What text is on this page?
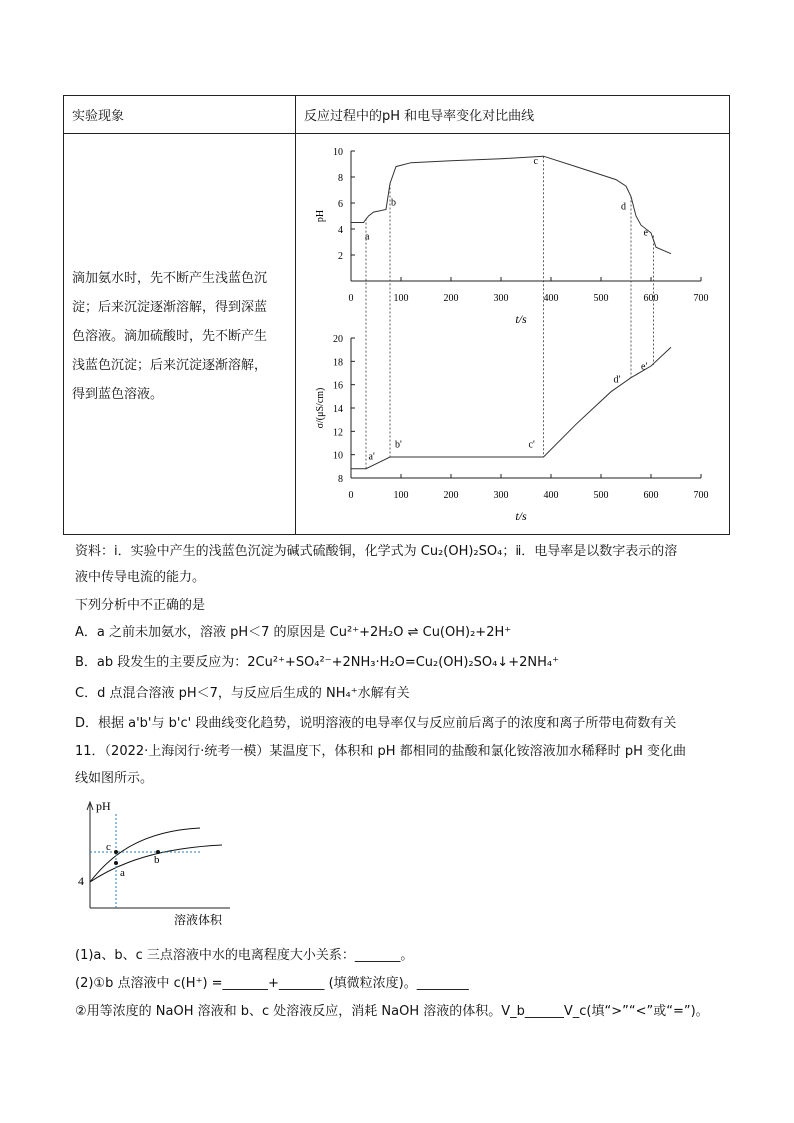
实验现象	反应过程中的pH 和电导率变化对比曲线
滴加氨水时，先不断产生浅蓝色沉
淀；后来沉淀逐渐溶解，得到深蓝
色溶液。滴加硫酸时，先不断产生
浅蓝色沉淀；后来沉淀逐渐溶解，
得到蓝色溶液。
0	100	200	300	400	500	600	700
2
4
6
8
10
t/s
pH
a
b
c
d
e
0	100	200	300	400	500	600	700
8
10
12
14
16
18
20
t/s
σ/(μS/cm)
a'
b'	c'
d'
e'
资料：ⅰ．实验中产生的浅蓝色沉淀为碱式硫酸铜，化学式为 Cu₂(OH)₂SO₄；ⅱ．电导率是以数字表示的溶
液中传导电流的能力。
下列分析中不正确的是
A．a 之前未加氨水，溶液 pH＜7 的原因是 Cu²⁺+2H₂O ⇌ Cu(OH)₂+2H⁺
B．ab 段发生的主要反应为：2Cu²⁺+SO₄²⁻+2NH₃·H₂O=Cu₂(OH)₂SO₄↓+2NH₄⁺
C．d 点混合溶液 pH＜7，与反应后生成的 NH₄⁺水解有关
D．根据 a'b'与 b'c' 段曲线变化趋势，说明溶液的电导率仅与反应前后离子的浓度和离子所带电荷数有关
11．（2022·上海闵行·统考一模）某温度下，体积和 pH 都相同的盐酸和氯化铵溶液加水稀释时 pH 变化曲
线如图所示。
pH
4
溶液体积
c
a
b
(1)a、b、c 三点溶液中水的电离程度大小关系：_______。
(2)①b 点溶液中 c(H⁺) =_______+_______ (填微粒浓度)。________
②用等浓度的 NaOH 溶液和 b、c 处溶液反应，消耗 NaOH 溶液的体积。V_b______V_c(填“>”“<”或“=”)。
